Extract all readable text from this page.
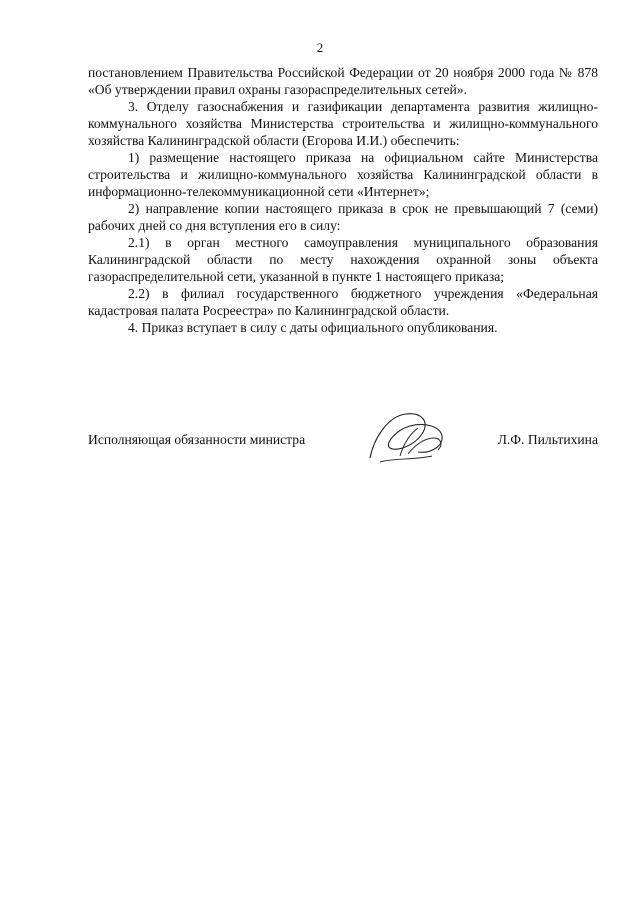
2

постановлением Правительства Российской Федерации от 20 ноября 2000 года № 878 «Об утверждении правил охраны газораспределительных сетей».

3. Отделу газоснабжения и газификации департамента развития жилищно-коммунального хозяйства Министерства строительства и жилищно-коммунального хозяйства Калининградской области (Егорова И.И.) обеспечить:

1) размещение настоящего приказа на официальном сайте Министерства строительства и жилищно-коммунального хозяйства Калининградской области в информационно-телекоммуникационной сети «Интернет»;

2) направление копии настоящего приказа в срок не превышающий 7 (семи) рабочих дней со дня вступления его в силу:

2.1) в орган местного самоуправления муниципального образования Калининградской области по месту нахождения охранной зоны объекта газораспределительной сети, указанной в пункте 1 настоящего приказа;

2.2) в филиал государственного бюджетного учреждения «Федеральная кадастровая палата Росреестра» по Калининградской области.

4. Приказ вступает в силу с даты официального опубликования.

Исполняющая обязанности министра	Л.Ф. Пильтихина
